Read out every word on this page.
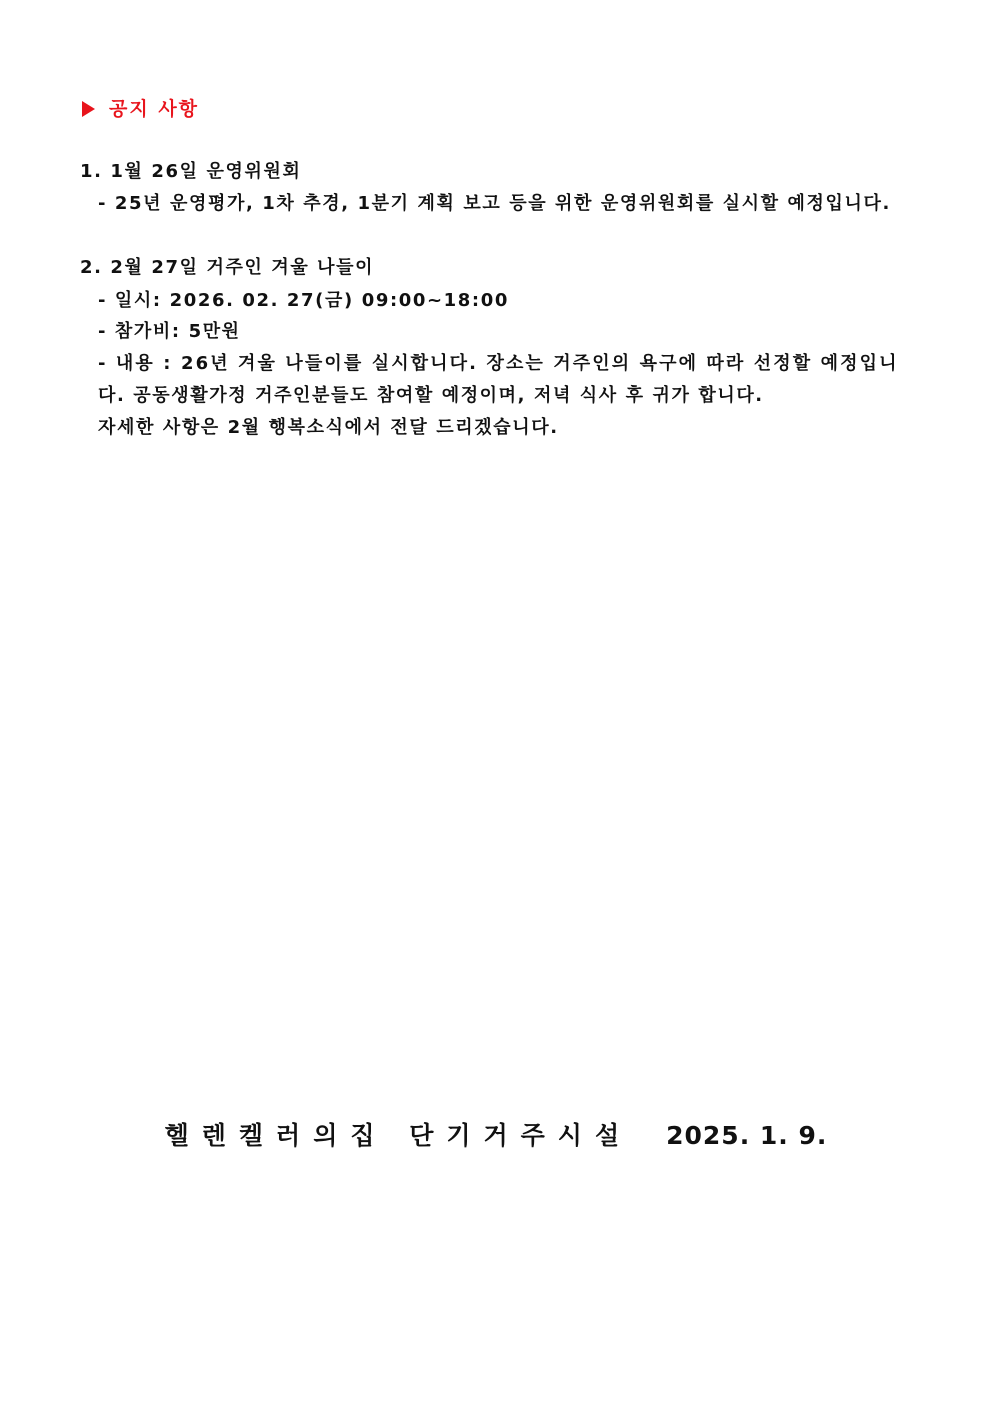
공지 사항
1. 1월 26일 운영위원회
- 25년 운영평가, 1차 추경, 1분기 계획 보고 등을 위한 운영위원회를 실시할 예정입니다.
2. 2월 27일 거주인 겨울 나들이
- 일시: 2026. 02. 27(금) 09:00~18:00
- 참가비: 5만원
- 내용 : 26년 겨울 나들이를 실시합니다. 장소는 거주인의 욕구에 따라 선정할 예정입니
다. 공동생활가정 거주인분들도 참여할 예정이며, 저녁 식사 후 귀가 합니다.
자세한 사항은 2월 행복소식에서 전달 드리겠습니다.
헬렌켈러의집 단기거주시설 2025. 1. 9.
